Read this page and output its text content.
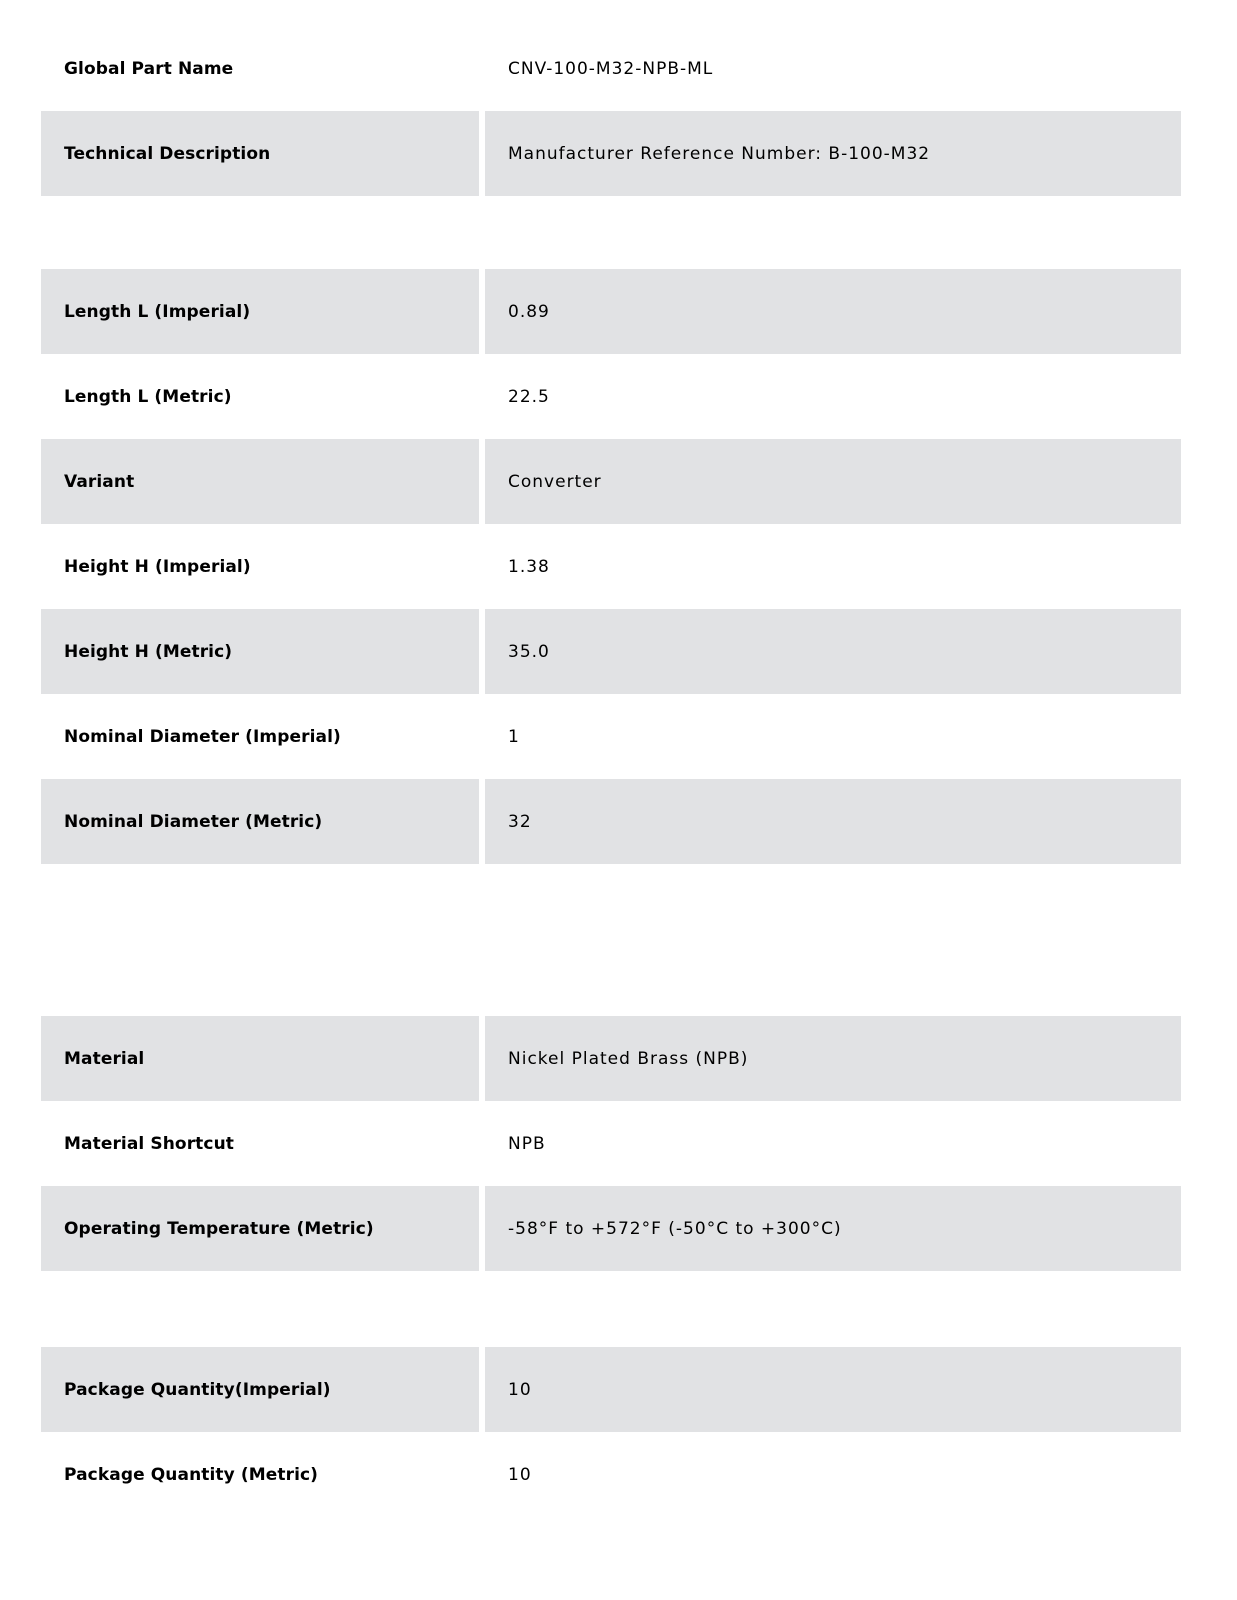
Global Part Name	CNV-100-M32-NPB-ML
Technical Description	Manufacturer Reference Number: B-100-M32
Length L (Imperial)	0.89
Length L (Metric)	22.5
Variant	Converter
Height H (Imperial)	1.38
Height H (Metric)	35.0
Nominal Diameter (Imperial)	1
Nominal Diameter (Metric)	32
Material	Nickel Plated Brass (NPB)
Material Shortcut	NPB
Operating Temperature (Metric)	-58°F to +572°F (-50°C to +300°C)
Package Quantity(Imperial)	10
Package Quantity (Metric)	10
